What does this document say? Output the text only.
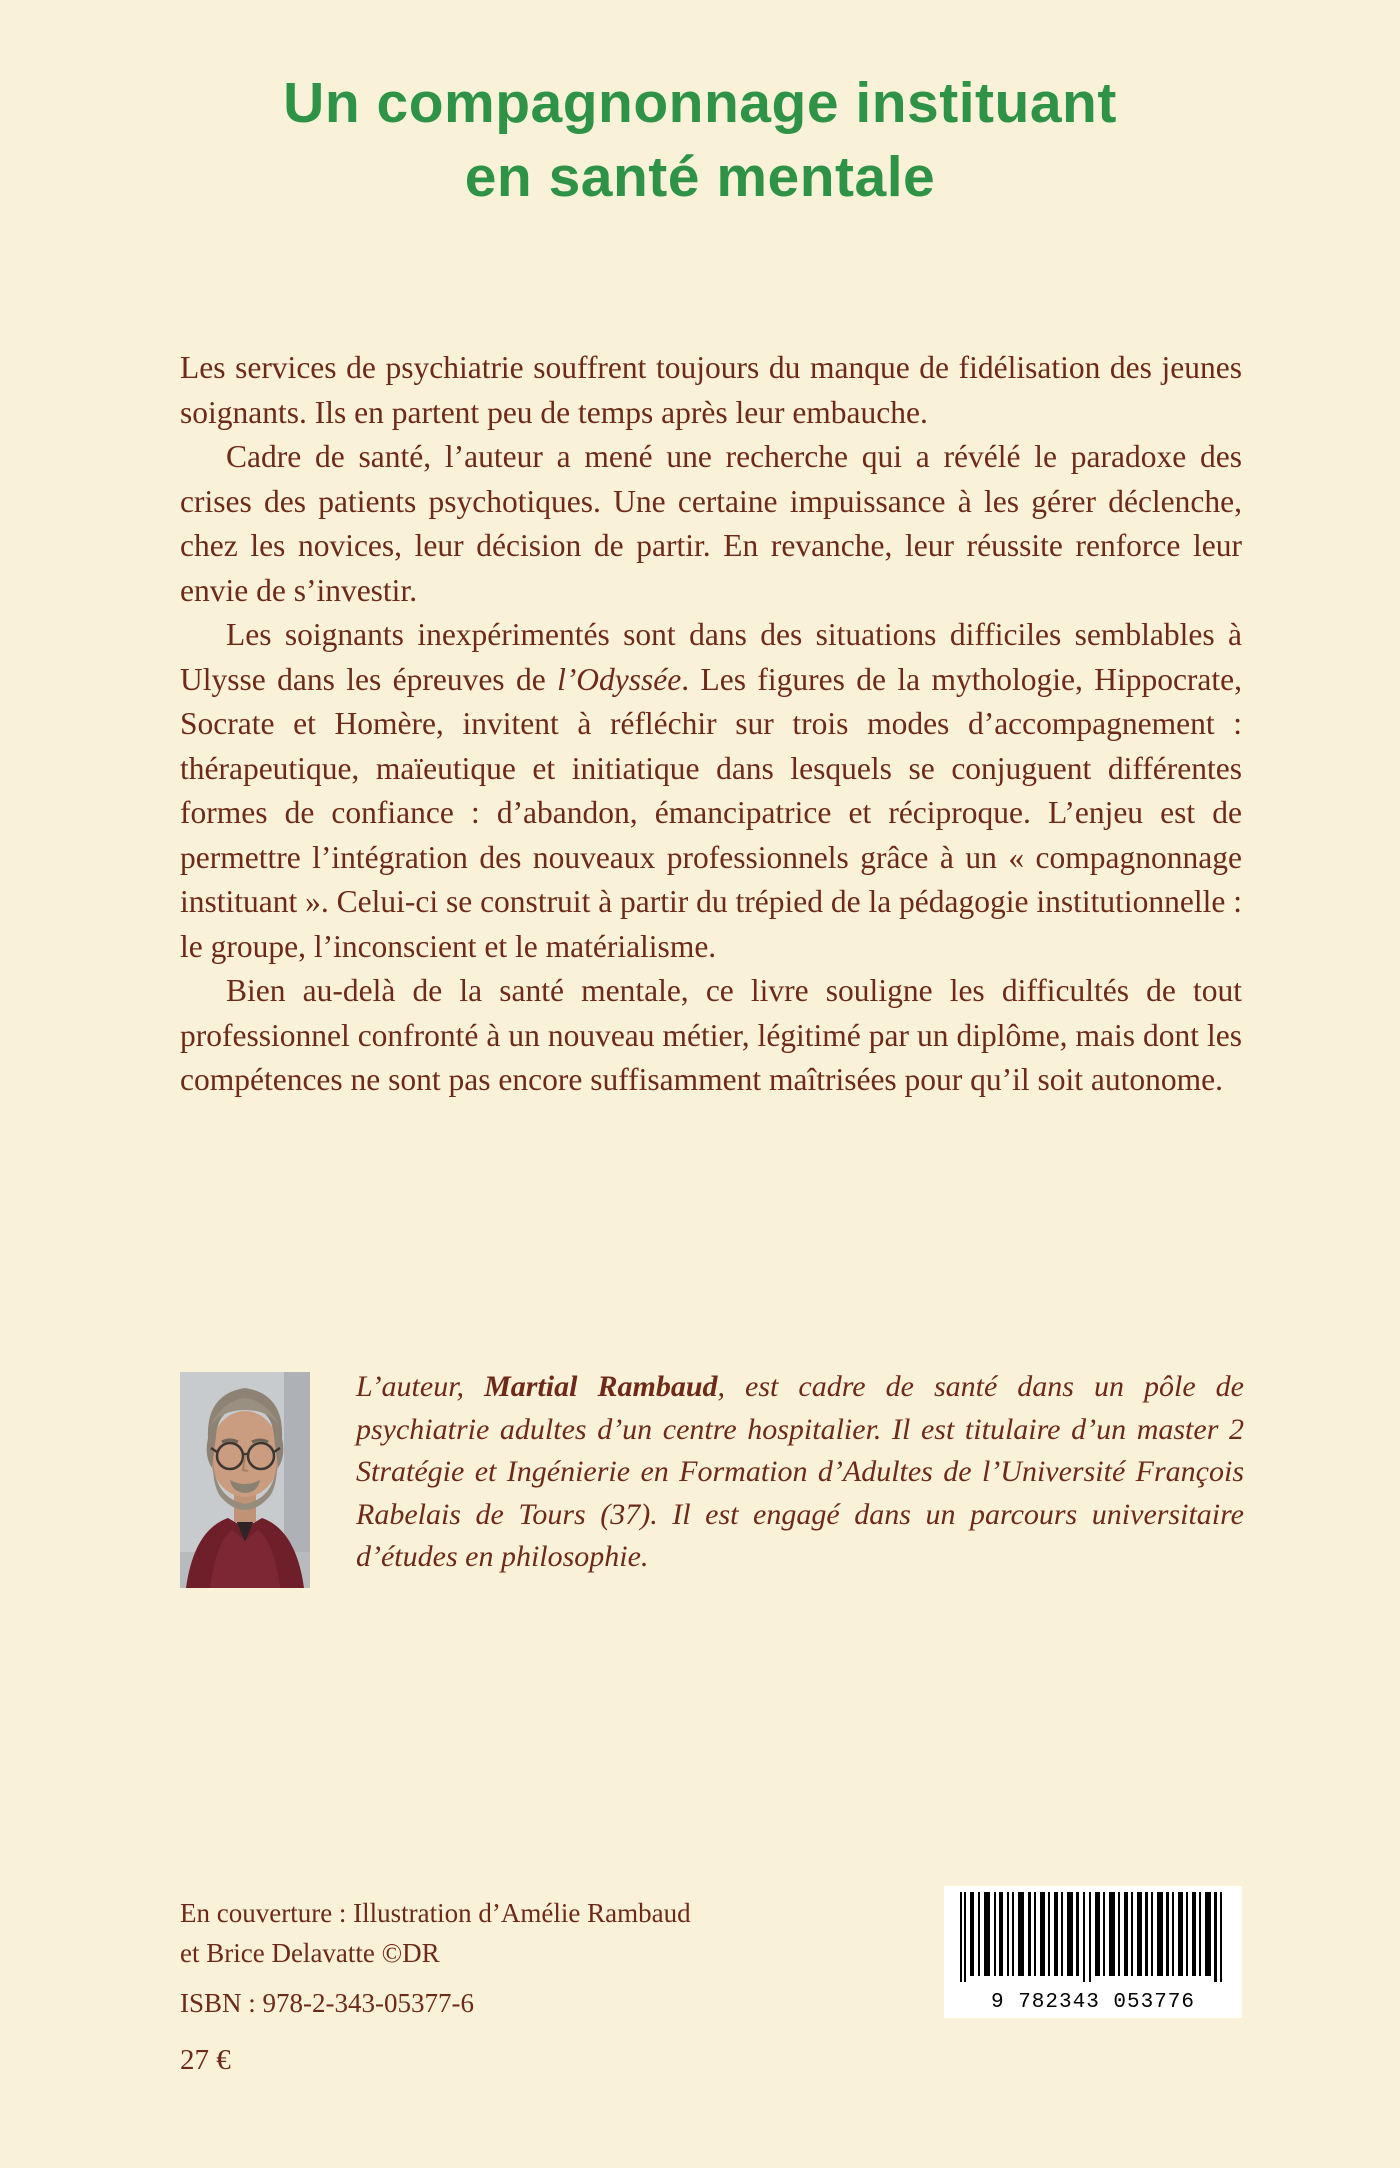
Un compagnonnage instituant
en santé mentale

Les services de psychiatrie souffrent toujours du manque de fidélisation des jeunes soignants. Ils en partent peu de temps après leur embauche.

Cadre de santé, l’auteur a mené une recherche qui a révélé le paradoxe des crises des patients psychotiques. Une certaine impuissance à les gérer déclenche, chez les novices, leur décision de partir. En revanche, leur réussite renforce leur envie de s’investir.

Les soignants inexpérimentés sont dans des situations difficiles semblables à Ulysse dans les épreuves de l’Odyssée. Les figures de la mythologie, Hippocrate, Socrate et Homère, invitent à réfléchir sur trois modes d’accompagnement : thérapeutique, maïeutique et initiatique dans lesquels se conjuguent différentes formes de confiance : d’abandon, émancipatrice et réciproque. L’enjeu est de permettre l’intégration des nouveaux professionnels grâce à un « compagnonnage instituant ». Celui-ci se construit à partir du trépied de la pédagogie institutionnelle : le groupe, l’inconscient et le matérialisme.

Bien au-delà de la santé mentale, ce livre souligne les difficultés de tout professionnel confronté à un nouveau métier, légitimé par un diplôme, mais dont les compétences ne sont pas encore suffisamment maîtrisées pour qu’il soit autonome.

L’auteur, Martial Rambaud, est cadre de santé dans un pôle de psychiatrie adultes d’un centre hospitalier. Il est titulaire d’un master 2 Stratégie et Ingénierie en Formation d’Adultes de l’Université François Rabelais de Tours (37). Il est engagé dans un parcours universitaire d’études en philosophie.

En couverture : Illustration d’Amélie Rambaud
et Brice Delavatte ©DR
ISBN : 978-2-343-05377-6
27 €
9 782343 053776
